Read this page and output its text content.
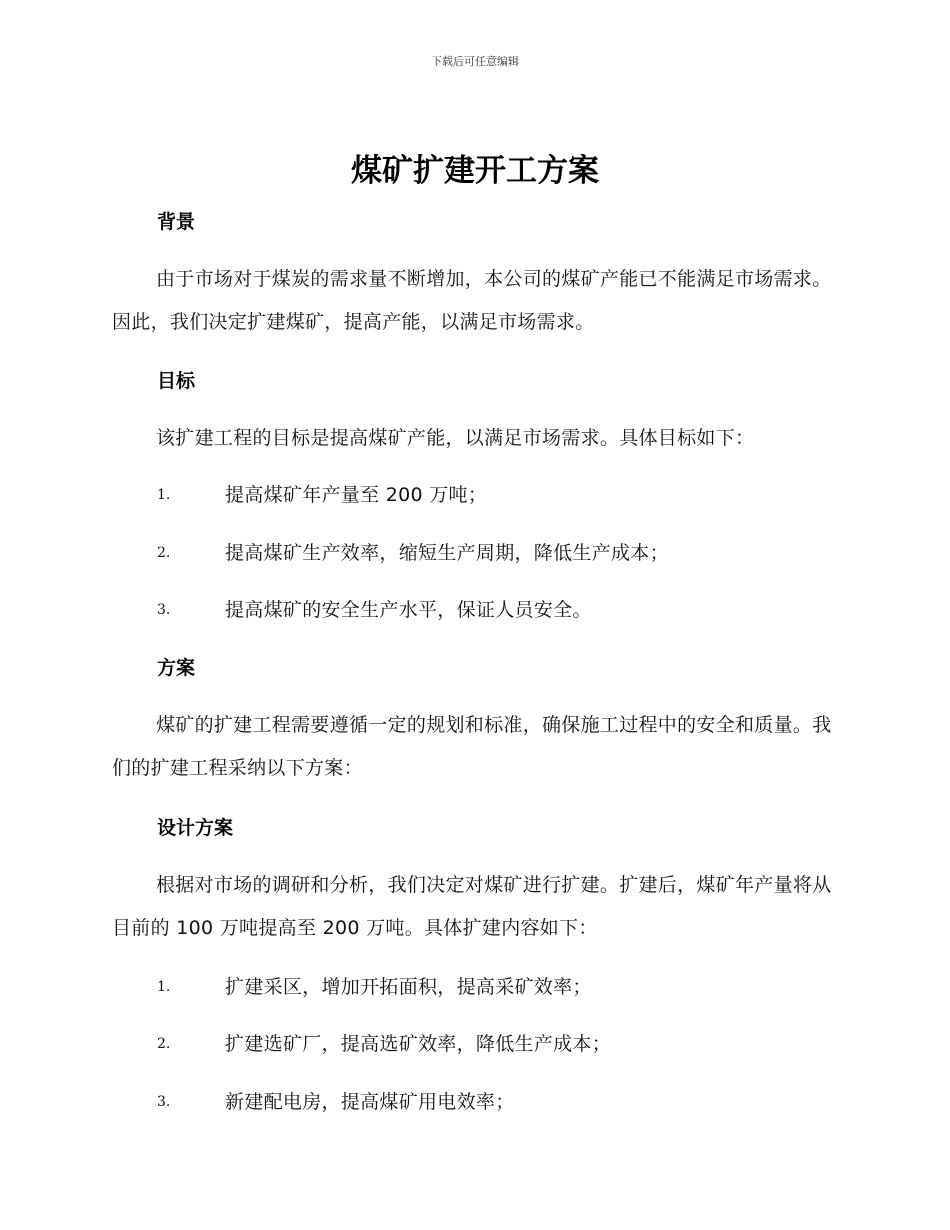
下载后可任意编辑
煤矿扩建开工方案
背景

由于市场对于煤炭的需求量不断增加，本公司的煤矿产能已不能满足市场需求。因此，我们决定扩建煤矿，提高产能，以满足市场需求。

目标

该扩建工程的目标是提高煤矿产能，以满足市场需求。具体目标如下：

1.	提高煤矿年产量至 200 万吨；
2.	提高煤矿生产效率，缩短生产周期，降低生产成本；
3.	提高煤矿的安全生产水平，保证人员安全。
方案

煤矿的扩建工程需要遵循一定的规划和标准，确保施工过程中的安全和质量。我们的扩建工程采纳以下方案：

设计方案

根据对市场的调研和分析，我们决定对煤矿进行扩建。扩建后，煤矿年产量将从目前的 100 万吨提高至 200 万吨。具体扩建内容如下：

1.	扩建采区，增加开拓面积，提高采矿效率；
2.	扩建选矿厂，提高选矿效率，降低生产成本；
3.	新建配电房，提高煤矿用电效率；
